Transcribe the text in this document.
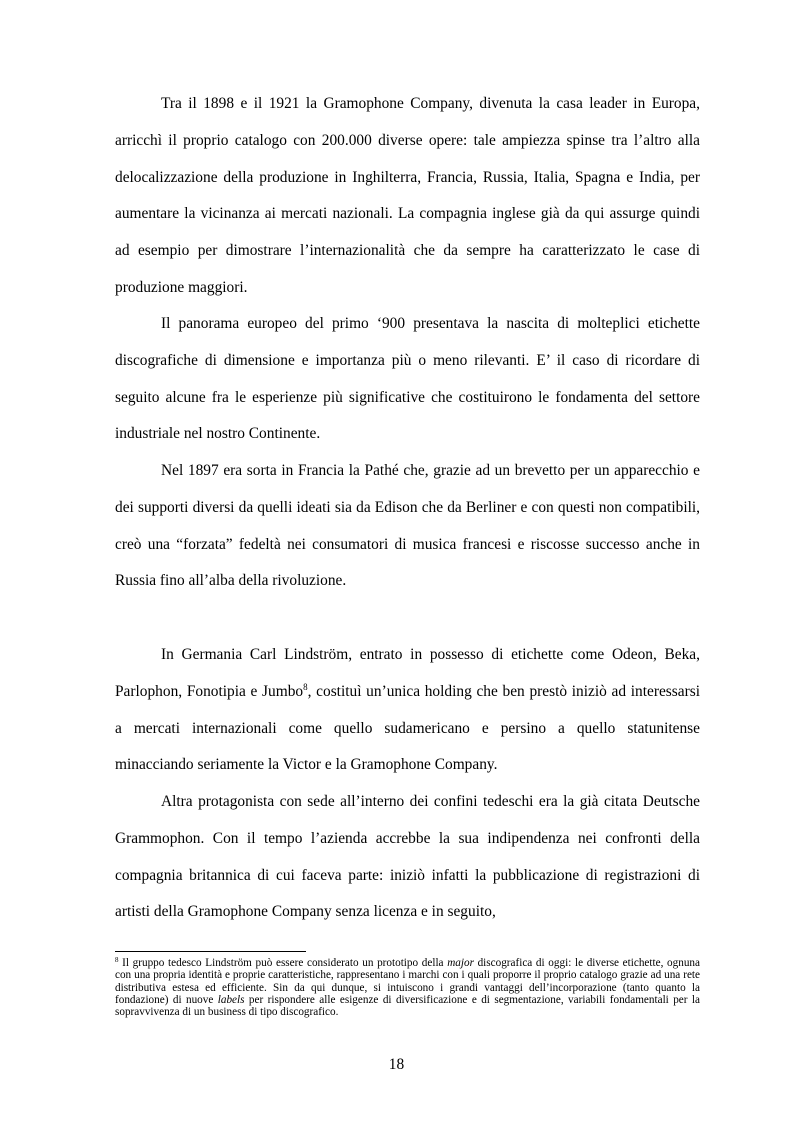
Tra il 1898 e il 1921 la Gramophone Company, divenuta la casa leader in Europa, arricchì il proprio catalogo con 200.000 diverse opere: tale ampiezza spinse tra l’altro alla delocalizzazione della produzione in Inghilterra, Francia, Russia, Italia, Spagna e India, per aumentare la vicinanza ai mercati nazionali. La compagnia inglese già da qui assurge quindi ad esempio per dimostrare l’internazionalità che da sempre ha caratterizzato le case di produzione maggiori.

Il panorama europeo del primo ‘900 presentava la nascita di molteplici etichette discografiche di dimensione e importanza più o meno rilevanti. E’ il caso di ricordare di seguito alcune fra le esperienze più significative che costituirono le fondamenta del settore industriale nel nostro Continente.

Nel 1897 era sorta in Francia la Pathé che, grazie ad un brevetto per un apparecchio e dei supporti diversi da quelli ideati sia da Edison che da Berliner e con questi non compatibili, creò una “forzata” fedeltà nei consumatori di musica francesi e riscosse successo anche in Russia fino all’alba della rivoluzione.

In Germania Carl Lindström, entrato in possesso di etichette come Odeon, Beka, Parlophon, Fonotipia e Jumbo$^8$, costituì un’unica holding che ben prestò iniziò ad interessarsi a mercati internazionali come quello sudamericano e persino a quello statunitense minacciando seriamente la Victor e la Gramophone Company.

Altra protagonista con sede all’interno dei confini tedeschi era la già citata Deutsche Grammophon. Con il tempo l’azienda accrebbe la sua indipendenza nei confronti della compagnia britannica di cui faceva parte: iniziò infatti la pubblicazione di registrazioni di artisti della Gramophone Company senza licenza e in seguito,

$^8$ Il gruppo tedesco Lindström può essere considerato un prototipo della major discografica di oggi: le diverse etichette, ognuna con una propria identità e proprie caratteristiche, rappresentano i marchi con i quali proporre il proprio catalogo grazie ad una rete distributiva estesa ed efficiente. Sin da qui dunque, si intuiscono i grandi vantaggi dell’incorporazione (tanto quanto la fondazione) di nuove labels per rispondere alle esigenze di diversificazione e di segmentazione, variabili fondamentali per la sopravvivenza di un business di tipo discografico.

18
